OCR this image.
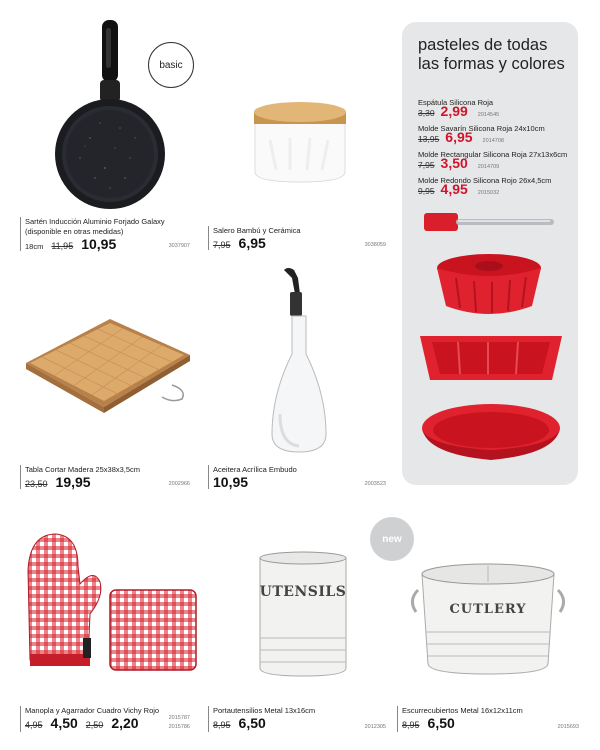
basic
Sartén Inducción Aluminio Forjado Galaxy
(disponible en otras medidas)
18cm 11,95 10,95	3037907
Salero Bambú y Cerámica
7,95 6,95	3038059
Tabla Cortar Madera 25x38x3,5cm
23,50 19,95	2002966
Aceitera Acrílica Embudo
10,95	2003523
Manopla y Agarrador Cuadro Vichy Rojo
4,95 4,50 2,50 2,20	2015787
2015786
new
UTENSILS
Portautensilios Metal 13x16cm
8,95 6,50	2012305
CUTLERY
Escurrecubiertos Metal 16x12x11cm
8,95 6,50	2015693
pasteles de todas
las formas y colores
Espátula Silicona Roja
3,30 2,99 2014545
Molde Savarín Silicona Roja 24x10cm
13,95 6,95 2014708
Molde Rectangular Silicona Roja 27x13x6cm
7,95 3,50 2014709
Molde Redondo Silicona Rojo 26x4,5cm
9,95 4,95 2015032
